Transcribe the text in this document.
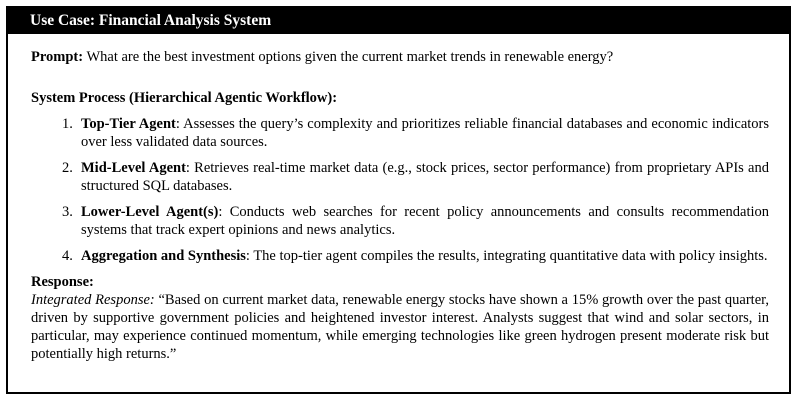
Use Case: Financial Analysis System

Prompt: What are the best investment options given the current market trends in renewable energy?

System Process (Hierarchical Agentic Workflow):

1. Top-Tier Agent: Assesses the query’s complexity and prioritizes reliable financial databases and economic indicators over less validated data sources.
2. Mid-Level Agent: Retrieves real-time market data (e.g., stock prices, sector performance) from proprietary APIs and structured SQL databases.
3. Lower-Level Agent(s): Conducts web searches for recent policy announcements and consults recommendation systems that track expert opinions and news analytics.
4. Aggregation and Synthesis: The top-tier agent compiles the results, integrating quantitative data with policy insights.

Response:

Integrated Response: “Based on current market data, renewable energy stocks have shown a 15% growth over the past quarter, driven by supportive government policies and heightened investor interest. Analysts suggest that wind and solar sectors, in particular, may experience continued momentum, while emerging technologies like green hydrogen present moderate risk but potentially high returns.”
